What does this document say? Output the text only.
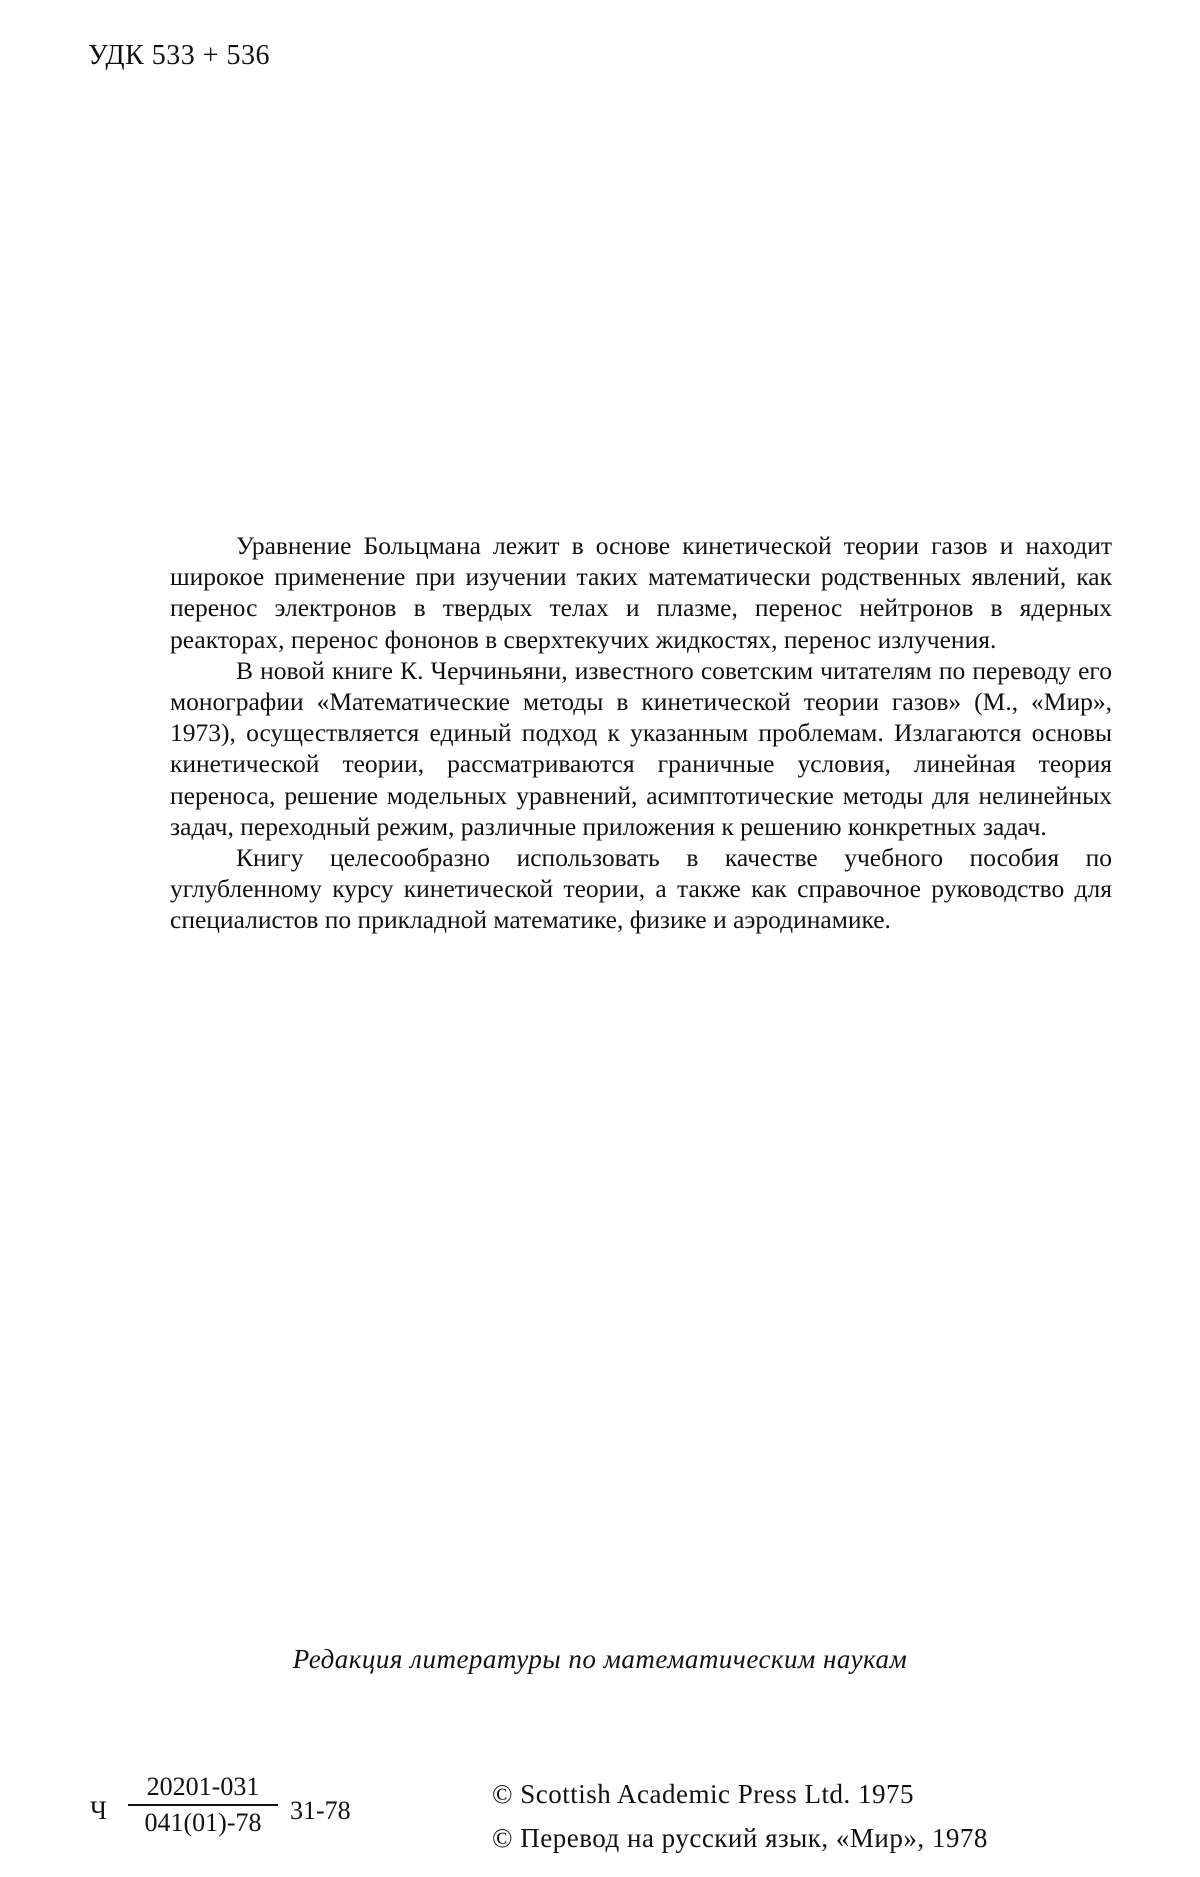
УДК 533 + 536

Уравнение Больцмана лежит в основе кинетической теории газов и находит широкое применение при изучении таких математически родственных явлений, как перенос электронов в твердых телах и плазме, перенос нейтронов в ядерных реакторах, перенос фононов в сверхтекучих жидкостях, перенос излучения.

В новой книге К. Черчиньяни, известного советским читателям по переводу его монографии «Математические методы в кинетической теории газов» (М., «Мир», 1973), осуществляется единый подход к указанным проблемам. Излагаются основы кинетической теории, рассматриваются граничные условия, линейная теория переноса, решение модельных уравнений, асимптотические методы для нелинейных задач, переходный режим, различные приложения к решению конкретных задач.

Книгу целесообразно использовать в качестве учебного пособия по углубленному курсу кинетической теории, а также как справочное руководство для специалистов по прикладной математике, физике и аэродинамике.

Редакция литературы по математическим наукам
Ч $\frac{20201-031}{041(01)-78} 31-78$
© Scottish Academic Press Ltd. 1975
© Перевод на русский язык, «Мир», 1978
